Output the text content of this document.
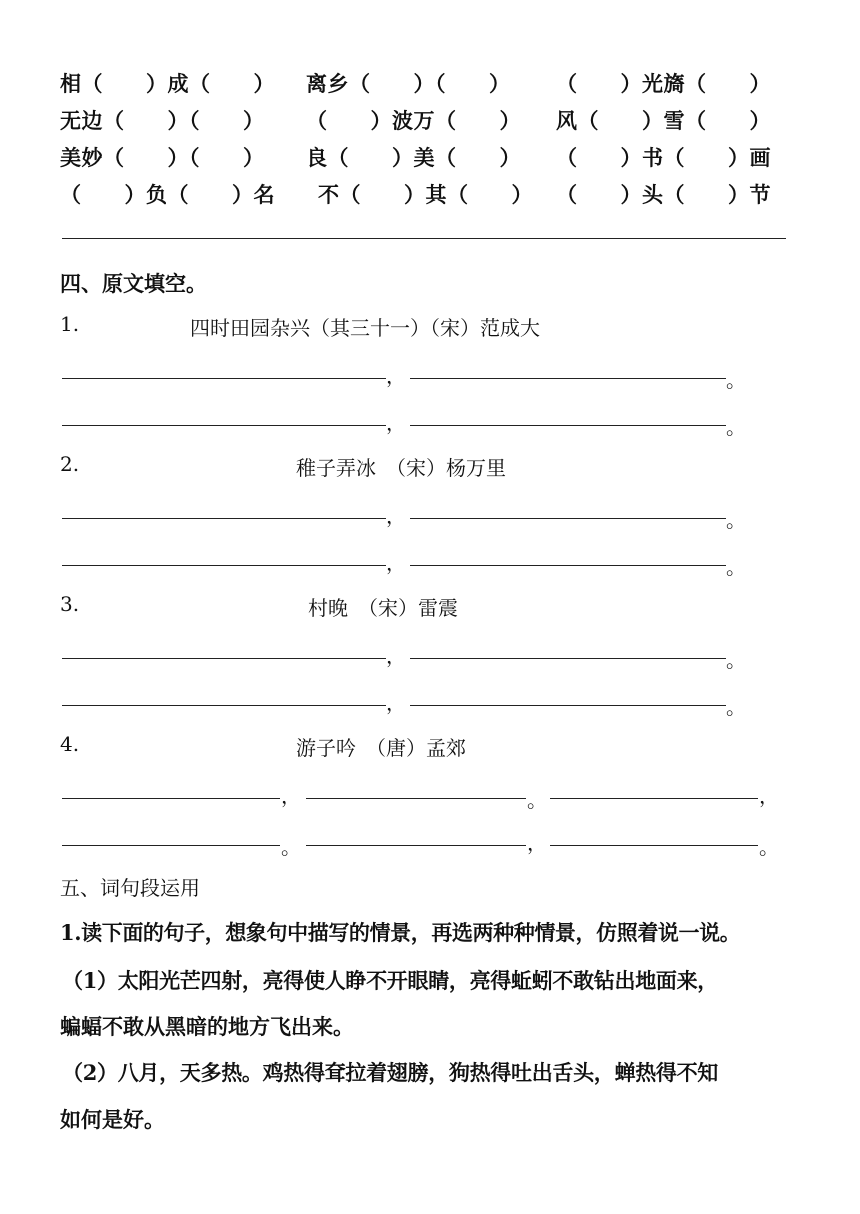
相（　　）成（　　） 离乡（　　）（　　） （　　）光旖（　　）
无边（　　）（　　） （　　）波万（　　） 风（　　）雪（　　）
美妙（　　）（　　） 良（　　）美（　　） （　　）书（　　）画
（　　）负（　　）名 不（　　）其（　　） （　　）头（　　）节
四、原文填空。
1.	四时田园杂兴（其三十一）（宋）范成大
，	。
，	。
2.	稚子弄冰　（宋）杨万里
，	。
，	。
3.	村晚　（宋）雷震
，	。
，	。
4.	游子吟　（唐）孟郊
，	。	，
。	，	。
五、词句段运用
1.读下面的句子，想象句中描写的情景，再选两种种情景，仿照着说一说。
（1）太阳光芒四射，亮得使人睁不开眼睛，亮得蚯蚓不敢钻出地面来，
蝙蝠不敢从黑暗的地方飞出来。
（2）八月，天多热。鸡热得耷拉着翅膀，狗热得吐出舌头，蝉热得不知
如何是好。
